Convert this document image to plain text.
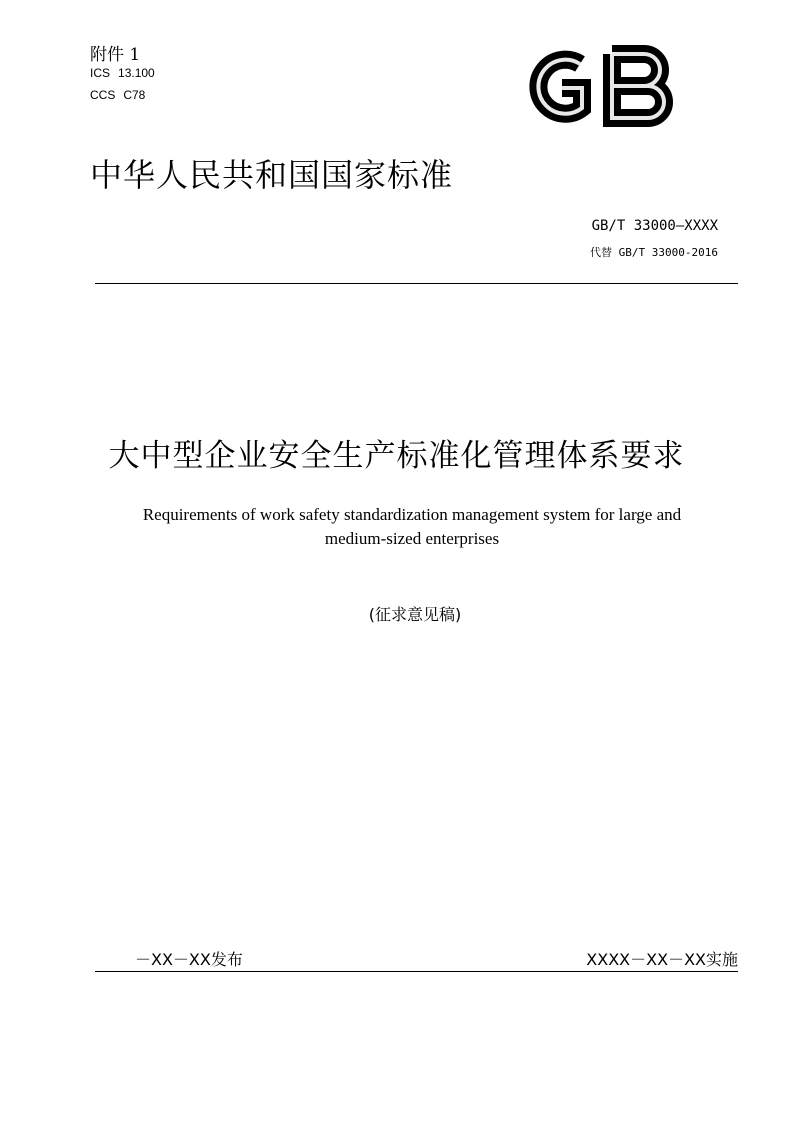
附件 1
ICS 13.100
CCS C78
中华人民共和国国家标准
GB/T 33000—XXXX
代替 GB/T 33000-2016
大中型企业安全生产标准化管理体系要求
Requirements of work safety standardization management system for large and
medium-sized enterprises
(征求意见稿)
－XX－XX发布	XXXX－XX－XX实施
